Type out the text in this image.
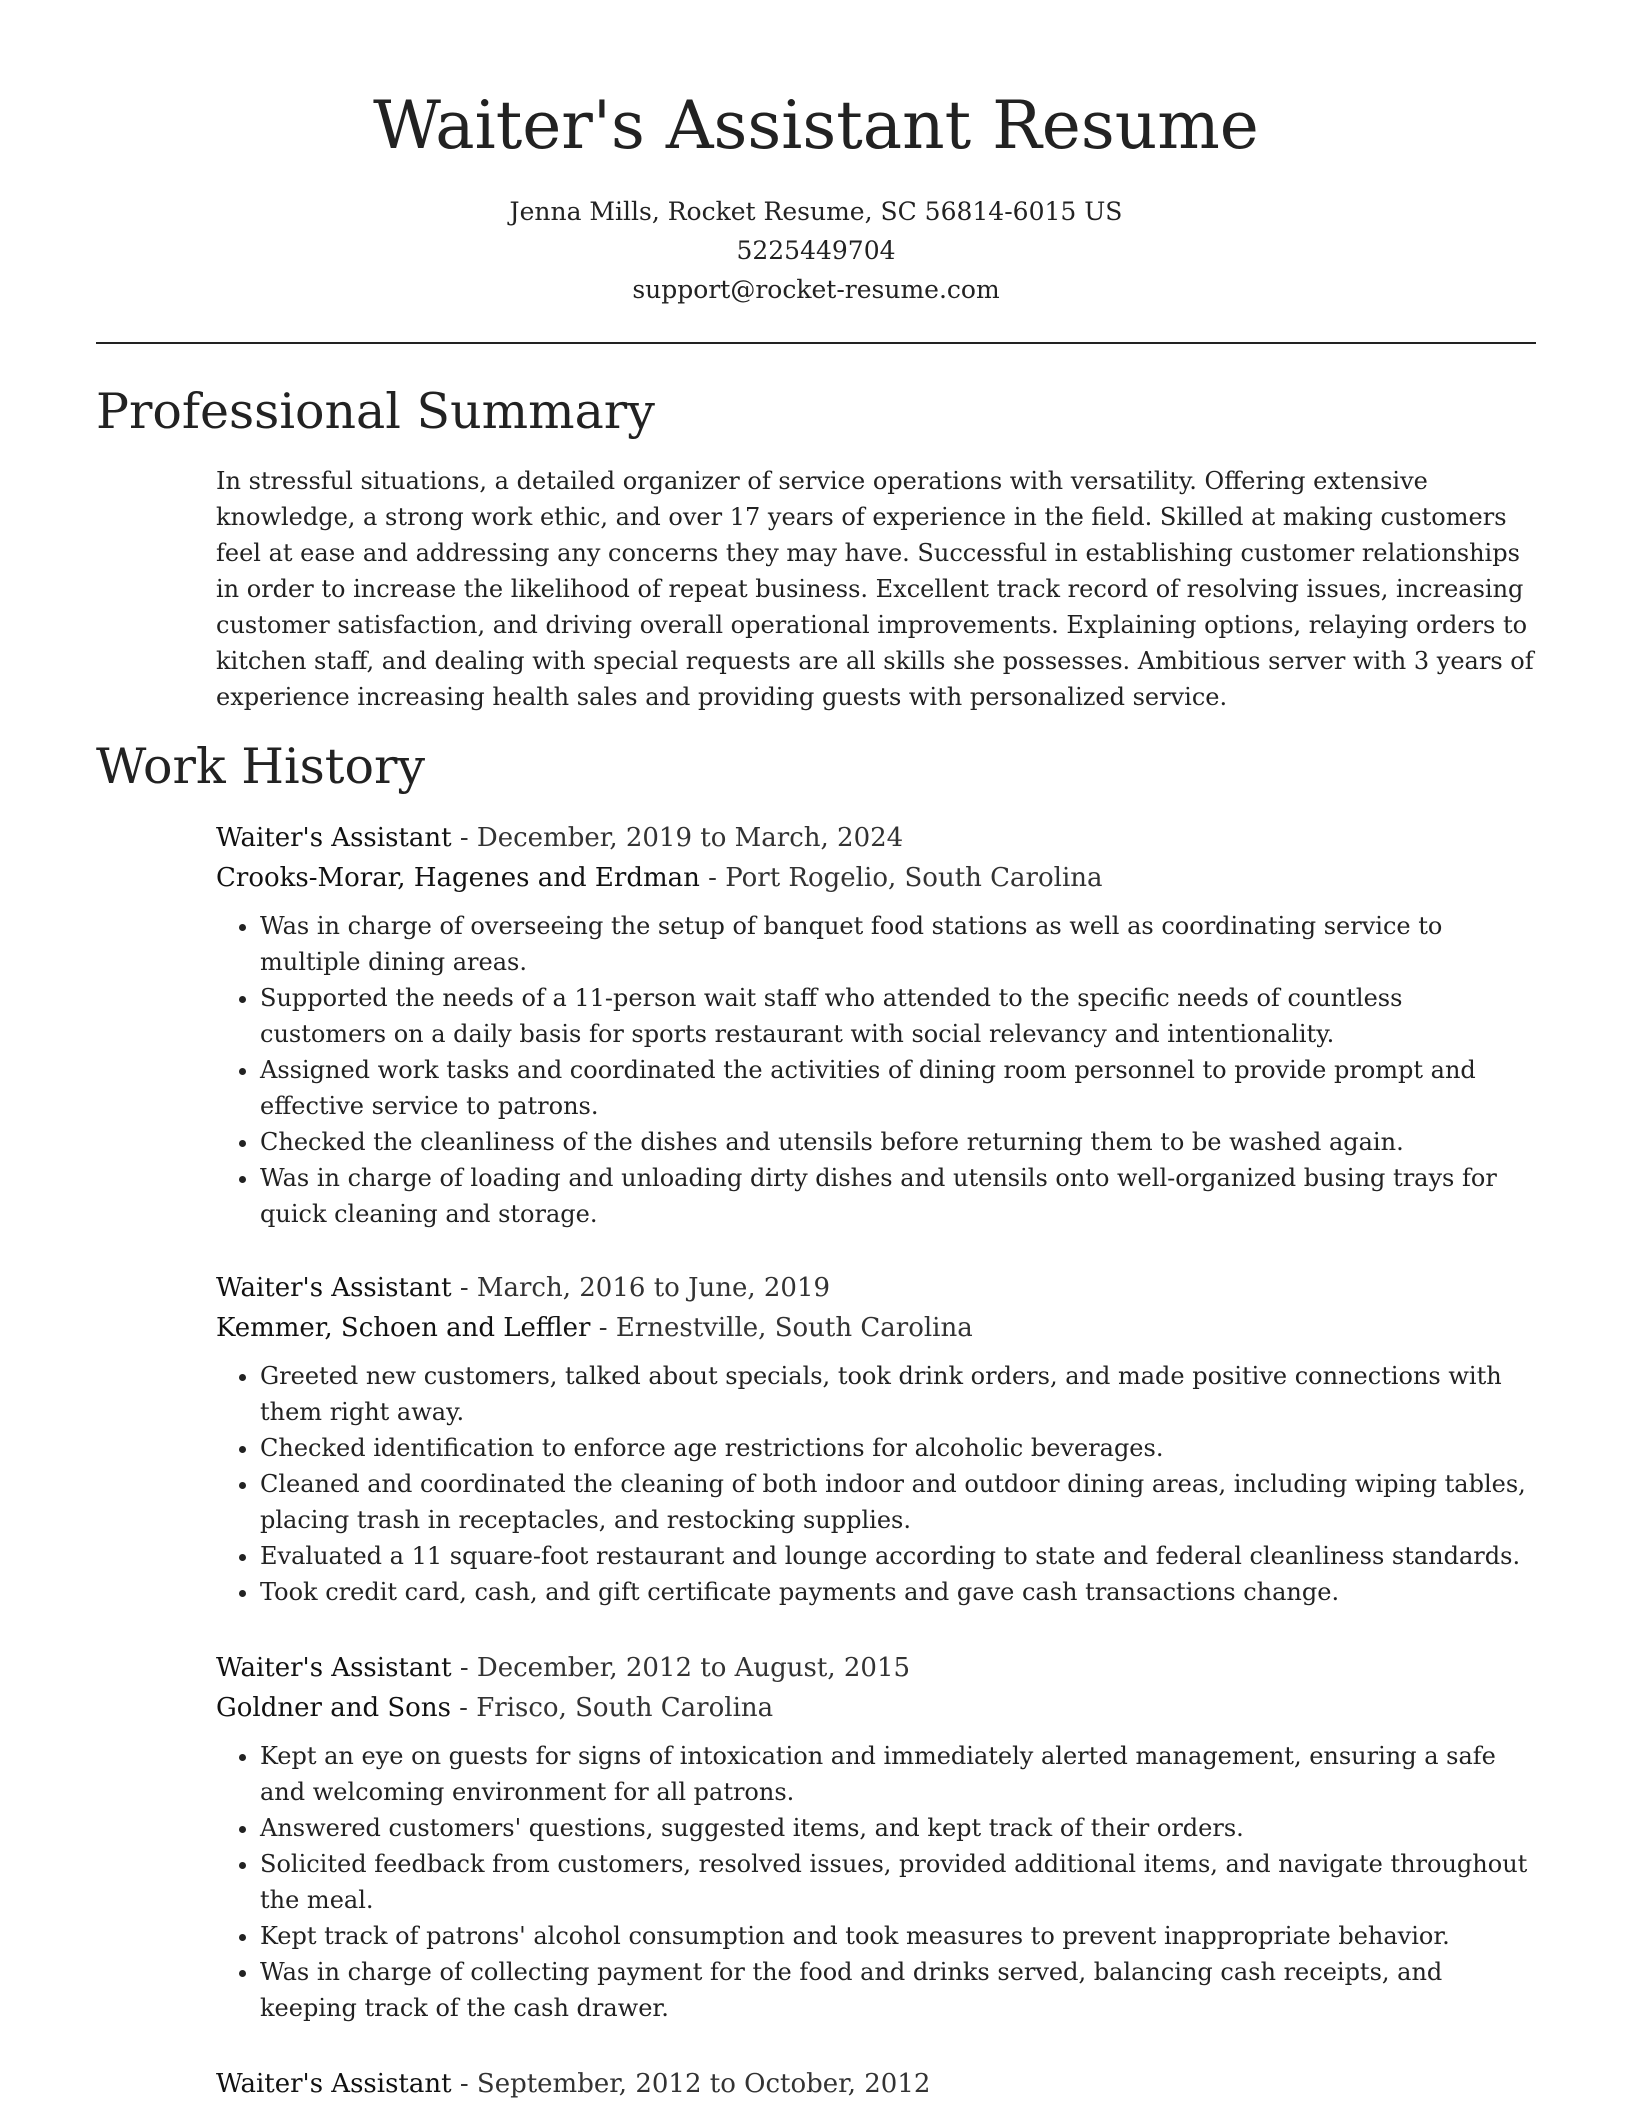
Waiter's Assistant Resume
Jenna Mills, Rocket Resume, SC 56814-6015 US
5225449704
support@rocket-resume.com
Professional Summary
In stressful situations, a detailed organizer of service operations with versatility. Offering extensive knowledge, a strong work ethic, and over 17 years of experience in the field. Skilled at making customers feel at ease and addressing any concerns they may have. Successful in establishing customer relationships in order to increase the likelihood of repeat business. Excellent track record of resolving issues, increasing customer satisfaction, and driving overall operational improvements. Explaining options, relaying orders to kitchen staff, and dealing with special requests are all skills she possesses. Ambitious server with 3 years of experience increasing health sales and providing guests with personalized service.
Work History
Waiter's Assistant - December, 2019 to March, 2024
Crooks-Morar, Hagenes and Erdman - Port Rogelio, South Carolina
• Was in charge of overseeing the setup of banquet food stations as well as coordinating service to multiple dining areas.
• Supported the needs of a 11-person wait staff who attended to the specific needs of countless customers on a daily basis for sports restaurant with social relevancy and intentionality.
• Assigned work tasks and coordinated the activities of dining room personnel to provide prompt and effective service to patrons.
• Checked the cleanliness of the dishes and utensils before returning them to be washed again.
• Was in charge of loading and unloading dirty dishes and utensils onto well-organized busing trays for quick cleaning and storage.
Waiter's Assistant - March, 2016 to June, 2019
Kemmer, Schoen and Leffler - Ernestville, South Carolina
• Greeted new customers, talked about specials, took drink orders, and made positive connections with them right away.
• Checked identification to enforce age restrictions for alcoholic beverages.
• Cleaned and coordinated the cleaning of both indoor and outdoor dining areas, including wiping tables, placing trash in receptacles, and restocking supplies.
• Evaluated a 11 square-foot restaurant and lounge according to state and federal cleanliness standards.
• Took credit card, cash, and gift certificate payments and gave cash transactions change.
Waiter's Assistant - December, 2012 to August, 2015
Goldner and Sons - Frisco, South Carolina
• Kept an eye on guests for signs of intoxication and immediately alerted management, ensuring a safe and welcoming environment for all patrons.
• Answered customers' questions, suggested items, and kept track of their orders.
• Solicited feedback from customers, resolved issues, provided additional items, and navigate throughout the meal.
• Kept track of patrons' alcohol consumption and took measures to prevent inappropriate behavior.
• Was in charge of collecting payment for the food and drinks served, balancing cash receipts, and keeping track of the cash drawer.
Waiter's Assistant - September, 2012 to October, 2012
